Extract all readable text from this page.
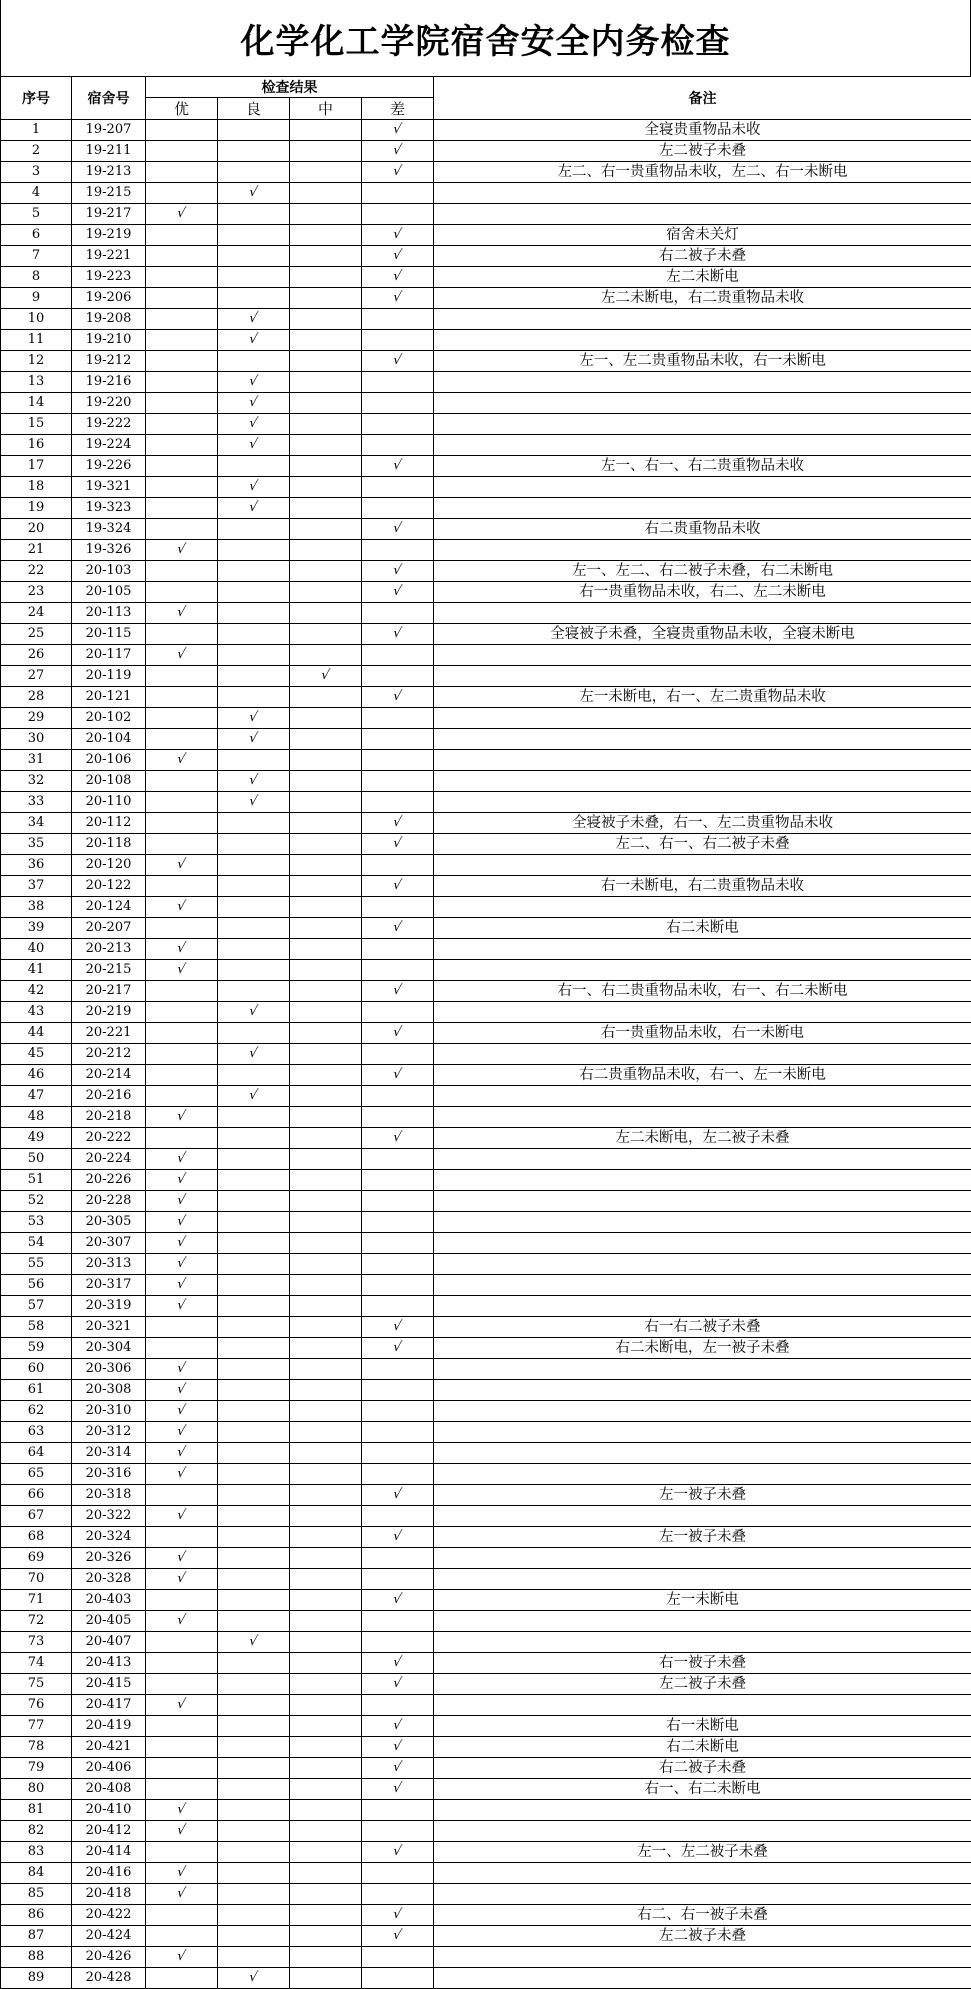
化学化工学院宿舍安全内务检查
序号	宿舍号	检查结果				备注
		优	良	中	差	
1	19-207				√	全寝贵重物品未收
2	19-211				√	左二被子未叠
3	19-213				√	左二、右一贵重物品未收，左二、右一未断电
4	19-215		√			
5	19-217	√				
6	19-219				√	宿舍未关灯
7	19-221				√	右二被子未叠
8	19-223				√	左二未断电
9	19-206				√	左二未断电，右二贵重物品未收
10	19-208		√			
11	19-210		√			
12	19-212				√	左一、左二贵重物品未收，右一未断电
13	19-216		√			
14	19-220		√			
15	19-222		√			
16	19-224		√			
17	19-226				√	左一、右一、右二贵重物品未收
18	19-321		√			
19	19-323		√			
20	19-324				√	右二贵重物品未收
21	19-326	√				
22	20-103				√	左一、左二、右二被子未叠，右二未断电
23	20-105				√	右一贵重物品未收，右二、左二未断电
24	20-113	√				
25	20-115				√	全寝被子未叠，全寝贵重物品未收，全寝未断电
26	20-117	√				
27	20-119			√		
28	20-121				√	左一未断电，右一、左二贵重物品未收
29	20-102		√			
30	20-104		√			
31	20-106	√				
32	20-108		√			
33	20-110		√			
34	20-112				√	全寝被子未叠，右一、左二贵重物品未收
35	20-118				√	左二、右一、右二被子未叠
36	20-120	√				
37	20-122				√	右一未断电，右二贵重物品未收
38	20-124	√				
39	20-207				√	右二未断电
40	20-213	√				
41	20-215	√				
42	20-217				√	右一、右二贵重物品未收，右一、右二未断电
43	20-219		√			
44	20-221				√	右一贵重物品未收，右一未断电
45	20-212		√			
46	20-214				√	右二贵重物品未收，右一、左一未断电
47	20-216		√			
48	20-218	√				
49	20-222				√	左二未断电，左二被子未叠
50	20-224	√				
51	20-226	√				
52	20-228	√				
53	20-305	√				
54	20-307	√				
55	20-313	√				
56	20-317	√				
57	20-319	√				
58	20-321				√	右一右二被子未叠
59	20-304				√	右二未断电，左一被子未叠
60	20-306	√				
61	20-308	√				
62	20-310	√				
63	20-312	√				
64	20-314	√				
65	20-316	√				
66	20-318				√	左一被子未叠
67	20-322	√				
68	20-324				√	左一被子未叠
69	20-326	√				
70	20-328	√				
71	20-403				√	左一未断电
72	20-405	√				
73	20-407		√			
74	20-413				√	右一被子未叠
75	20-415				√	左二被子未叠
76	20-417	√				
77	20-419				√	右一未断电
78	20-421				√	右二未断电
79	20-406				√	右二被子未叠
80	20-408				√	右一、右二未断电
81	20-410	√				
82	20-412	√				
83	20-414				√	左一、左二被子未叠
84	20-416	√				
85	20-418	√				
86	20-422				√	右二、右一被子未叠
87	20-424				√	左二被子未叠
88	20-426	√				
89	20-428		√			
